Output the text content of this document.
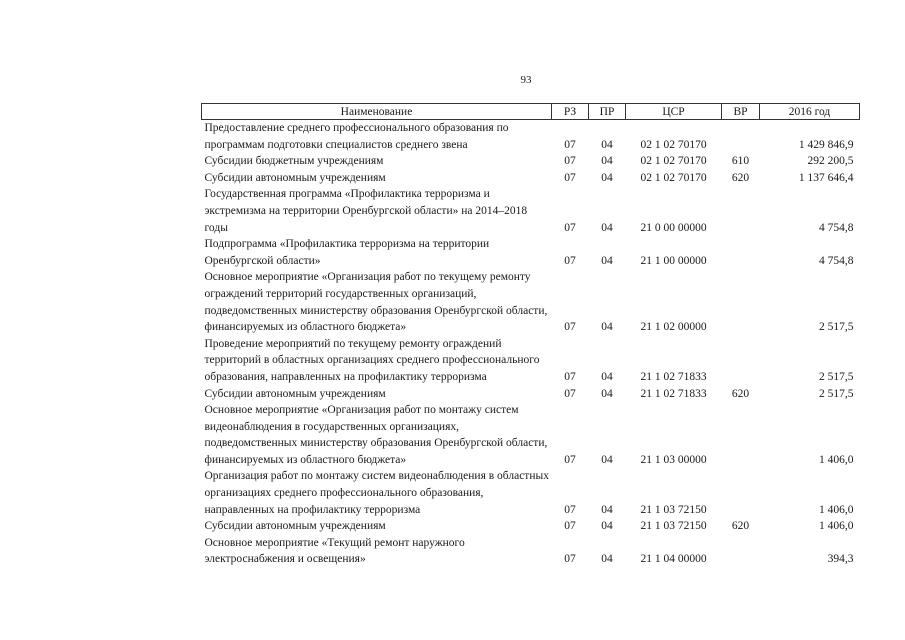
93
Наименование	РЗ	ПР	ЦСР	ВР	2016 год
Предоставление среднего профессионального образования по программам подготовки специалистов среднего звена	07	04	02 1 02 70170		1 429 846,9
Субсидии бюджетным учреждениям	07	04	02 1 02 70170	610	292 200,5
Субсидии автономным учреждениям	07	04	02 1 02 70170	620	1 137 646,4
Государственная программа «Профилактика терроризма и экстремизма на территории Оренбургской области» на 2014–2018 годы	07	04	21 0 00 00000		4 754,8
Подпрограмма «Профилактика терроризма на территории Оренбургской области»	07	04	21 1 00 00000		4 754,8
Основное мероприятие «Организация работ по текущему ремонту ограждений территорий государственных организаций, подведомственных министерству образования Оренбургской области, финансируемых из областного бюджета»	07	04	21 1 02 00000		2 517,5
Проведение мероприятий по текущему ремонту ограждений территорий в областных организациях среднего профессионального образования, направленных на профилактику терроризма	07	04	21 1 02 71833		2 517,5
Субсидии автономным учреждениям	07	04	21 1 02 71833	620	2 517,5
Основное мероприятие «Организация работ по монтажу систем видеонаблюдения в государственных организациях, подведомственных министерству образования Оренбургской области, финансируемых из областного бюджета»	07	04	21 1 03 00000		1 406,0
Организация работ по монтажу систем видеонаблюдения в областных организациях среднего профессионального образования, направленных на профилактику терроризма	07	04	21 1 03 72150		1 406,0
Субсидии автономным учреждениям	07	04	21 1 03 72150	620	1 406,0
Основное мероприятие «Текущий ремонт наружного электроснабжения и освещения»	07	04	21 1 04 00000		394,3
